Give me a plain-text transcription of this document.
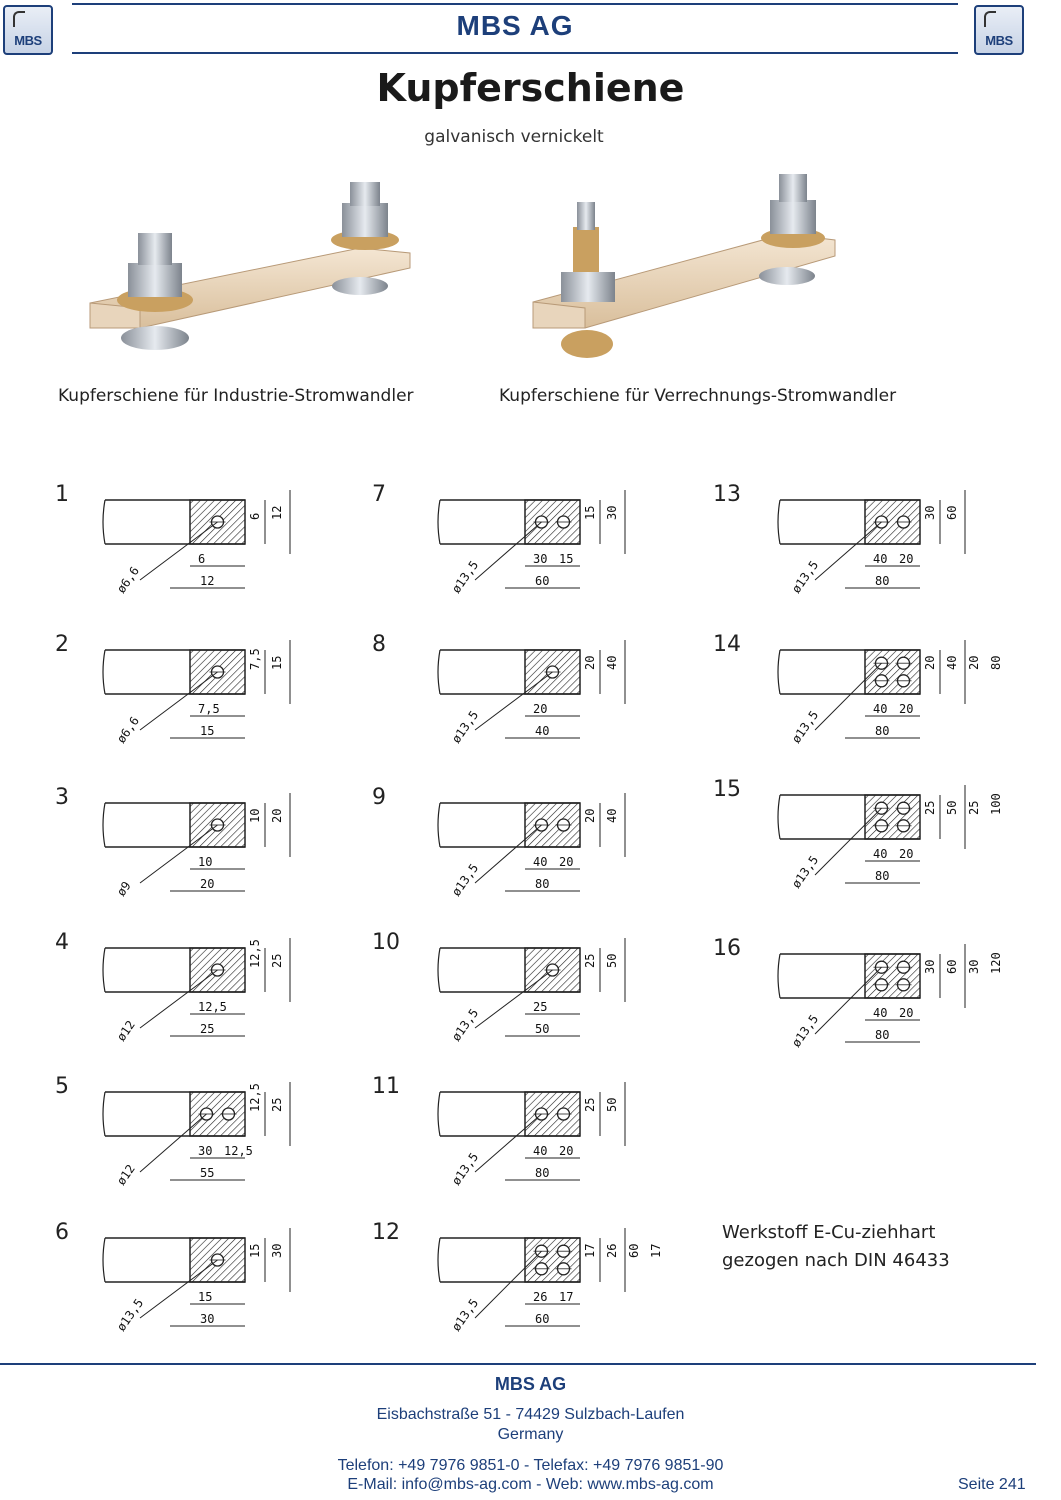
MBS	MBS
MBS AG
Kupferschiene
galvanisch vernickelt
Kupferschiene für Industrie-Stromwandler	Kupferschiene für Verrechnungs-Stromwandler
1
6 12
6
12
ø6,6
2
7,5 15
7,5
15
ø6,6
3
10 20
10
20
ø9
4	12,5 25
12,5
25
ø12
5	12,5 25
30 12,5
55
ø12
6
15 30
15
30
ø13,5
7
15 30
30 15
60
ø13,5
8
20 40
20
40
ø13,5
9
20 40
40 20
80
ø13,5
10
25 50
25
50
ø13,5
11
25 50
40 20
80
ø13,5
12
17 26 60 17
26 17
60
ø13,5
13
30 60
40 20
80
ø13,5
14
20 40 20 80
40 20
80
ø13,5
15
25 50 25 100
40 20
80
ø13,5
16
30 60 30 120
40 20
80
ø13,5
Werkstoff E-Cu-ziehhart
gezogen nach DIN 46433
MBS AG
Eisbachstraße 51 - 74429 Sulzbach-Laufen
Germany
Telefon: +49 7976 9851-0 - Telefax: +49 7976 9851-90
E-Mail: info@mbs-ag.com - Web: www.mbs-ag.com	Seite 241
